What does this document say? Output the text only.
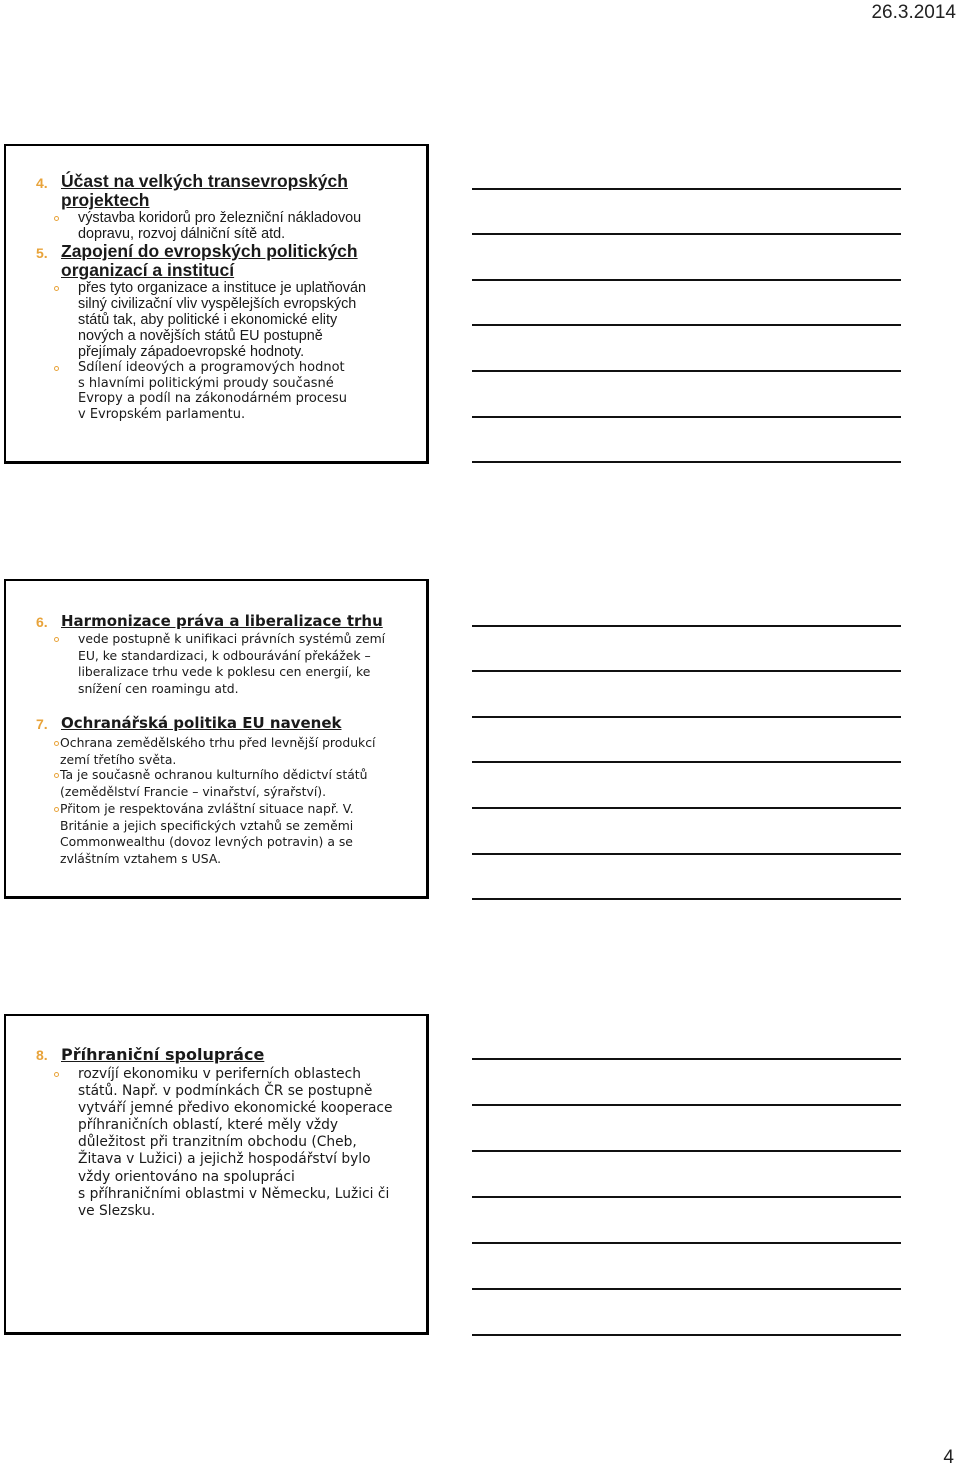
26.3.2014
4. Účast na velkých transevropských
projektech
výstavba koridorů pro železniční nákladovou
dopravu, rozvoj dálniční sítě atd.
5. Zapojení do evropských politických
organizací a institucí
přes tyto organizace a instituce je uplatňován
silný civilizační vliv vyspělejších evropských
států tak, aby politické i ekonomické elity
nových a novějších států EU postupně
přejímaly západoevropské hodnoty.
Sdílení ideových a programových hodnot
s hlavními politickými proudy současné
Evropy a podíl na zákonodárném procesu
v Evropském parlamentu.
6. Harmonizace práva a liberalizace trhu
vede postupně k unifikaci právních systémů zemí
EU, ke standardizaci, k odbourávání překážek –
liberalizace trhu vede k poklesu cen energií, ke
snížení cen roamingu atd.
7. Ochranářská politika EU navenek
Ochrana zemědělského trhu před levnější produkcí
zemí třetího světa.
Ta je současně ochranou kulturního dědictví států
(zemědělství Francie – vinařství, sýrařství).
Přitom je respektována zvláštní situace např. V.
Británie a jejich specifických vztahů se zeměmi
Commonwealthu (dovoz levných potravin) a se
zvláštním vztahem s USA.
8. Příhraniční spolupráce
rozvíjí ekonomiku v periferních oblastech
států. Např. v podmínkách ČR se postupně
vytváří jemné předivo ekonomické kooperace
příhraničních oblastí, které měly vždy
důležitost při tranzitním obchodu (Cheb,
Žitava v Lužici) a jejichž hospodářství bylo
vždy orientováno na spolupráci
s příhraničními oblastmi v Německu, Lužici či
ve Slezsku.
4
